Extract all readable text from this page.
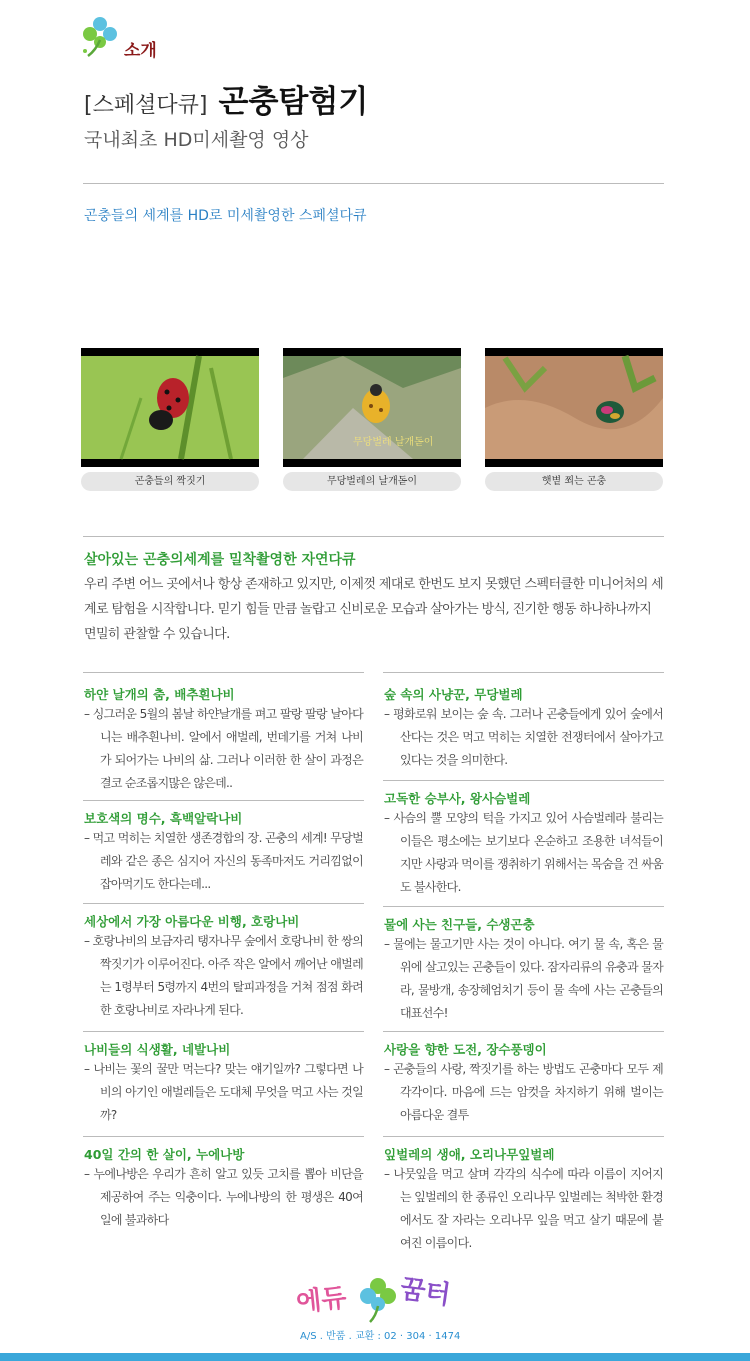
소개
[스페셜다큐] 곤충탐험기
국내최초 HD미세촬영 영상
곤충들의 세계를 HD로 미세촬영한 스페셜다큐
무당벌레 날개돋이
곤충들의 짝짓기	무당벌레의 날개돋이	햇볕 쬐는 곤충
살아있는 곤충의세계를 밀착촬영한 자연다큐
우리 주변 어느 곳에서나 항상 존재하고 있지만, 이제껏 제대로 한번도 보지 못했던 스펙터클한 미니어처의 세계로 탐험을 시작합니다. 믿기 힘들 만큼 놀랍고 신비로운 모습과 살아가는 방식, 진기한 행동 하나하나까지 면밀히 관찰할 수 있습니다.
하얀 날개의 춤, 배추흰나비
– 싱그러운 5월의 봄날 하얀날개를 펴고 팔랑 팔랑 날아다니는 배추흰나비. 알에서 애벌레, 번데기를 거쳐 나비가 되어가는 나비의 삶. 그러나 이러한 한 살이 과정은 결코 순조롭지많은 않은데..
보호색의 명수, 흑백알락나비
– 먹고 먹히는 치열한 생존경합의 장. 곤충의 세계! 무당벌레와 같은 종은 심지어 자신의 동족마저도 거리낌없이 잡아먹기도 한다는데...
세상에서 가장 아름다운 비행, 호랑나비
– 호랑나비의 보금자리 탱자나무 숲에서 호랑나비 한 쌍의 짝짓기가 이루어진다. 아주 작은 알에서 깨어난 애벌레는 1령부터 5령까지 4번의 탈피과정을 거쳐 점점 화려한 호랑나비로 자라나게 된다.
나비들의 식생활, 네발나비
– 나비는 꽃의 꿀만 먹는다? 맞는 얘기일까? 그렇다면 나비의 아기인 애벌레들은 도대체 무엇을 먹고 사는 것일까?
40일 간의 한 살이, 누에나방
– 누에나방은 우리가 흔히 알고 있듯 고치를 뽑아 비단을 제공하여 주는 익충이다. 누에나방의 한 평생은 40여일에 불과하다
숲 속의 사냥꾼, 무당벌레
– 평화로워 보이는 숲 속. 그러나 곤충들에게 있어 숲에서 산다는 것은 먹고 먹히는 치열한 전쟁터에서 살아가고 있다는 것을 의미한다.
고독한 승부사, 왕사슴벌레
– 사슴의 뿔 모양의 턱을 가지고 있어 사슴벌레라 불리는 이들은 평소에는 보기보다 온순하고 조용한 녀석들이지만 사랑과 먹이를 쟁취하기 위해서는 목숨을 건 싸움도 불사한다.
물에 사는 친구들, 수생곤충
– 물에는 물고기만 사는 것이 아니다. 여기 물 속, 혹은 물 위에 살고있는 곤충들이 있다. 잠자리류의 유충과 물자라, 물방개, 송장헤엄치기 등이 물 속에 사는 곤충들의 대표선수!
사랑을 향한 도전, 장수풍뎅이
– 곤충들의 사랑, 짝짓기를 하는 방법도 곤충마다 모두 제각각이다. 마음에 드는 암컷을 차지하기 위해 벌이는 아름다운 결투
잎벌레의 생애, 오리나무잎벌레
– 나뭇잎을 먹고 살며 각각의 식수에 따라 이름이 지어지는 잎벌레의 한 종류인 오리나무 잎벌레는 척박한 환경에서도 잘 자라는 오리나무 잎을 먹고 살기 때문에 붙여진 이름이다.
에듀 꿈터
A/S . 반품 . 교환 : 02 · 304 · 1474
